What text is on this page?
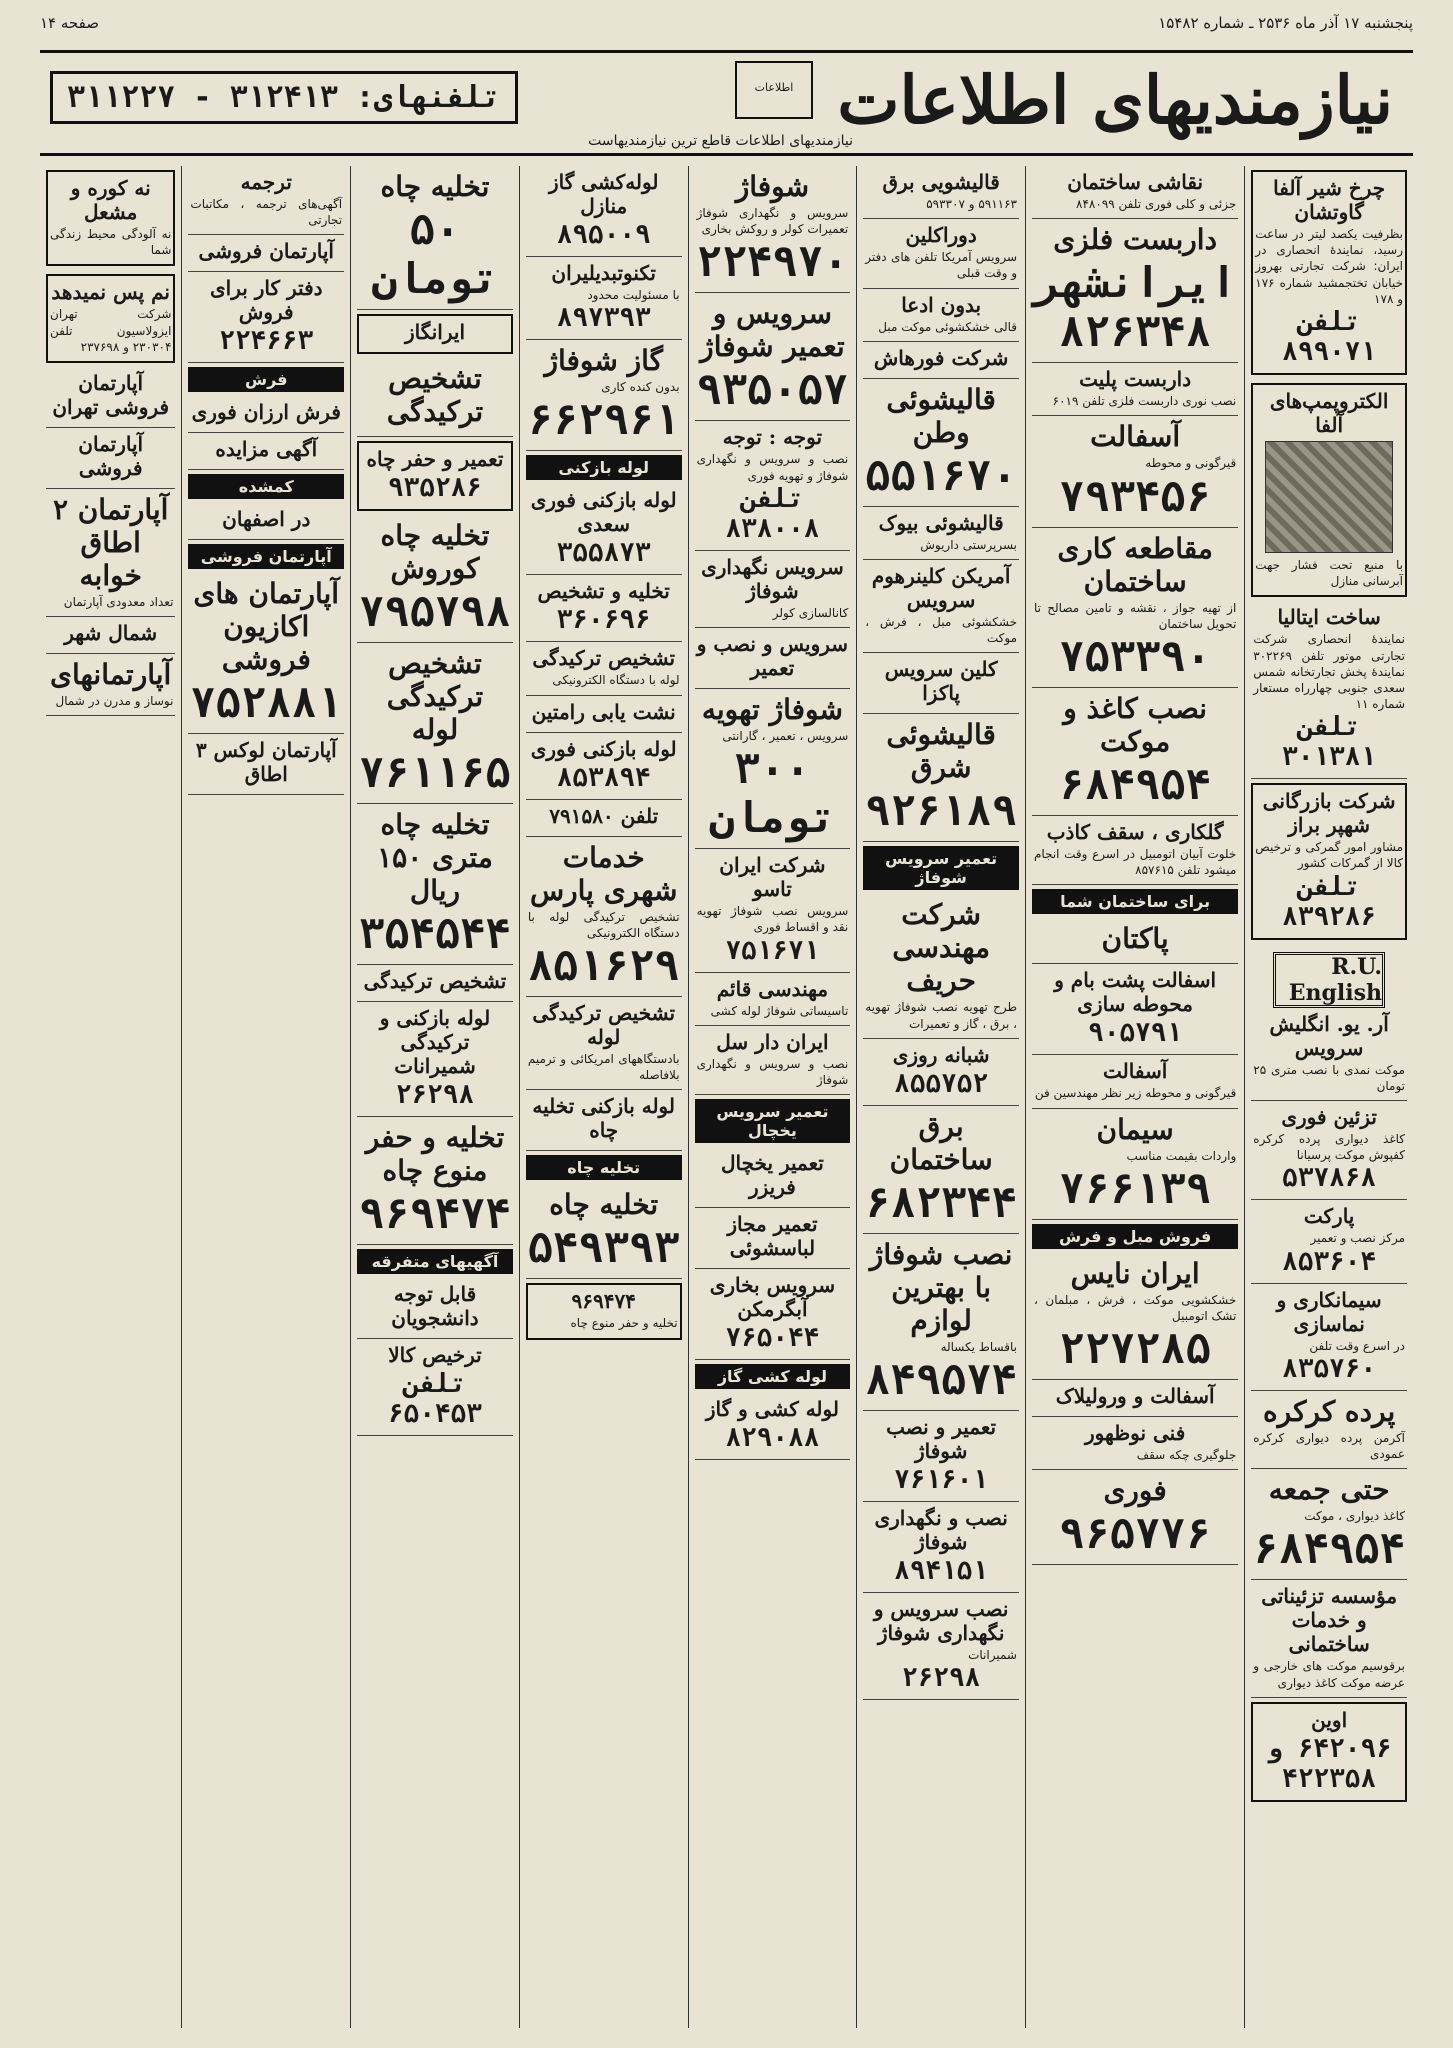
پنجشنبه ۱۷ آذر ماه ۲۵۳۶ ـ شماره ۱۵۴۸۲
صفحه ۱۴
نیازمندیهای اطلاعات
اطلاعات
نیازمندیهای اطلاعات قاطع ترین نیازمندیهاست
تلفنهای: ۳۱۲۴۱۳ - ۳۱۱۲۲۷
چرخ شیر آلفا گاوتشان
بظرفیت یکصد لیتر در ساعت رسید، نمایندۀ انحصاری در ایران: شرکت تجارتی بهروز خیابان تختجمشید شماره ۱۷۶ و ۱۷۸
تلفن ۸۹۹۰۷۱
الکتروپمپ‌های آلفا
با منبع تحت فشار جهت آبرسانی منازل
ساخت ایتالیا
نمایندۀ انحصاری شرکت تجارتی موتور تلفن ۳۰۲۲۶۹ نمایندۀ پخش تجارتخانه شمس سعدی جنوبی چهارراه مستعار شماره ۱۱
تلفن ۳۰۱۳۸۱
شرکت بازرگانی شهپر براز
مشاور امور گمرکی و ترخیص کالا از گمرکات کشور
تلفن ۸۳۹۲۸۶
R.U. English
آر. یو. انگلیش سرویس
موکت نمدی با نصب متری ۲۵ تومان
تزئین فوری
کاغذ دیواری پرده کرکره کفپوش موکت پرسیانا
۵۳۷۸۶۸
پارکت
مرکز نصب و تعمیر
۸۵۳۶۰۴
سیمانکاری و نماسازی
در اسرع وقت تلفن
۸۳۵۷۶۰
پرده کرکره
آکرمن پرده دیواری کرکره عمودی
حتی جمعه
کاغذ دیواری ، موکت
۶۸۴۹۵۴
مؤسسه تزئیناتی و خدمات ساختمانی
برقوسیم موکت های خارجی و عرضه موکت کاغذ دیواری
اوین
۶۴۲۰۹۶ و ۴۲۲۳۵۸
نقاشی ساختمان
جزئی و کلی فوری تلفن ۸۴۸۰۹۹
داربست فلزی
ایرانشهر ۸۲۶۳۴۸
داربست پلیت
نصب نوری داربست فلزی تلفن ۶۰۱۹
آسفالت
قیرگونی و محوطه
۷۹۳۴۵۶
مقاطعه کاری ساختمان
از تهیه جواز ، نقشه و تامین مصالح تا تحویل ساختمان
۷۵۳۳۹۰
نصب کاغذ و موکت
۶۸۴۹۵۴
گلکاری ، سقف کاذب
خلوت آبیان اتومبیل در اسرع وقت انجام میشود تلفن ۸۵۷۶۱۵
برای ساختمان شما
پاکتان
اسفالت پشت بام و محوطه سازی
۹۰۵۷۹۱
آسفالت
قیرگونی و محوطه زیر نظر مهندسین فن
سیمان
واردات بقیمت مناسب
۷۶۶۱۳۹
فروش مبل و فرش
ایران نایس
خشکشویی موکت ، فرش ، مبلمان ، تشک اتومبیل
۲۲۷۲۸۵
آسفالت و ورولیلاک
فنی نوظهور
جلوگیری چکه سقف
فوری
۹۶۵۷۷۶
قالیشویی برق
۵۹۱۱۶۳ و ۵۹۳۳۰۷
دوراکلین
سرویس آمریکا تلفن های دفتر و وقت قبلی
بدون ادعا
قالی خشکشوئی موکت مبل
شرکت فورهاش
قالیشوئی وطن
۵۵۱۶۷۰
قالیشوئی بیوک
بسرپرستی داریوش
آمریکن کلینرهوم سرویس
خشکشوئی مبل ، فرش ، موکت
کلین سرویس پاکزا
قالیشوئی شرق
۹۲۶۱۸۹
تعمیر سرویس شوفاژ
شرکت مهندسی حریف
طرح تهویه نصب شوفاژ تهویه ، برق ، گاز و تعمیرات
شبانه روزی
۸۵۵۷۵۲
برق ساختمان
۶۸۲۳۴۴
نصب شوفاژ با بهترین لوازم
باقساط یکساله
۸۴۹۵۷۴
تعمیر و نصب شوفاژ
۷۶۱۶۰۱
نصب و نگهداری شوفاژ
۸۹۴۱۵۱
نصب سرویس و نگهداری شوفاژ
شمیرانات
۲۶۲۹۸
شوفاژ
سرویس و نگهداری شوفاژ تعمیرات کولر و روکش بخاری
۲۲۴۹۷۰
سرویس و تعمیر شوفاژ
۹۳۵۰۵۷
توجه : توجه
نصب و سرویس و نگهداری شوفاژ و تهویه فوری
تلفن ۸۳۸۰۰۸
سرویس نگهداری شوفاژ
کانالسازی کولر
سرویس و نصب و تعمیر
شوفاژ تهویه
سرویس ، تعمیر ، گارانتی
۳۰۰ تومان
شرکت ایران تاسو
سرویس نصب شوفاژ تهویه نقد و اقساط فوری
۷۵۱۶۷۱
مهندسی قائم
تاسیساتی شوفاژ لوله کشی
ایران دار سل
نصب و سرویس و نگهداری شوفاژ
تعمیر سرویس یخچال
تعمیر یخچال فریزر
تعمیر مجاز لباسشوئی
سرویس بخاری آبگرمکن
۷۶۵۰۴۴
لوله کشی گاز
لوله کشی و گاز
۸۲۹۰۸۸
لوله‌کشی گاز منازل
۸۹۵۰۰۹
تکنوتبدیلیران
با مسئولیت محدود
۸۹۷۳۹۳
گاز شوفاژ
بدون کنده کاری
۶۶۲۹۶۱
لوله بازکنی
لوله بازکنی فوری سعدی
۳۵۵۸۷۳
تخلیه و تشخیص
۳۶۰۶۹۶
تشخیص ترکیدگی
لوله با دستگاه الکترونیکی
نشت یابی رامتین
لوله بازکنی فوری
۸۵۳۸۹۴
تلفن ۷۹۱۵۸۰
خدمات شهری پارس
تشخیص ترکیدگی لوله با دستگاه الکترونیکی
۸۵۱۶۲۹
تشخیص ترکیدگی لوله
بادستگاههای امریکائی و ترمیم بلافاصله
لوله بازکنی تخلیه چاه
تخلیه چاه
تخلیه چاه
۵۴۹۳۹۳
۹۶۹۴۷۴
تخلیه و حفر منوع چاه
تخلیه چاه
۵۰ تومان
ایرانگاز
تشخیص ترکیدگی
تعمیر و حفر چاه
۹۳۵۲۸۶
تخلیه چاه کوروش
۷۹۵۷۹۸
تشخیص ترکیدگی لوله
۷۶۱۱۶۵
تخلیه چاه متری ۱۵۰ ریال
۳۵۴۵۴۴
تشخیص ترکیدگی
لوله بازکنی و ترکیدگی شمیرانات
۲۶۲۹۸
تخلیه و حفر منوع چاه
۹۶۹۴۷۴
آگهیهای متفرقه
قابل توجه دانشجویان
ترخیص کالا
تلفن ۶۵۰۴۵۳
ترجمه
آگهی‌های ترجمه ، مکاتبات تجارتی
آپارتمان فروشی
دفتر کار برای فروش
۲۲۴۶۶۳
فرش
فرش ارزان فوری
آگهی مزایده
کمشده
در اصفهان
آپارتمان فروشی
آپارتمان های اکازیون فروشی
۷۵۲۸۸۱
آپارتمان لوکس ۳ اطاق
نه کوره و مشعل
نه آلودگی محیط زندگی شما
نم پس نمیدهد
شرکت تهران ایزولاسیون تلفن ۲۳۰۳۰۴ و ۲۳۷۶۹۸
آپارتمان فروشی تهران
آپارتمان فروشی
آپارتمان ۲ اطاق خوابه
تعداد معدودی آپارتمان
شمال شهر
آپارتمانهای
نوساز و مدرن در شمال
